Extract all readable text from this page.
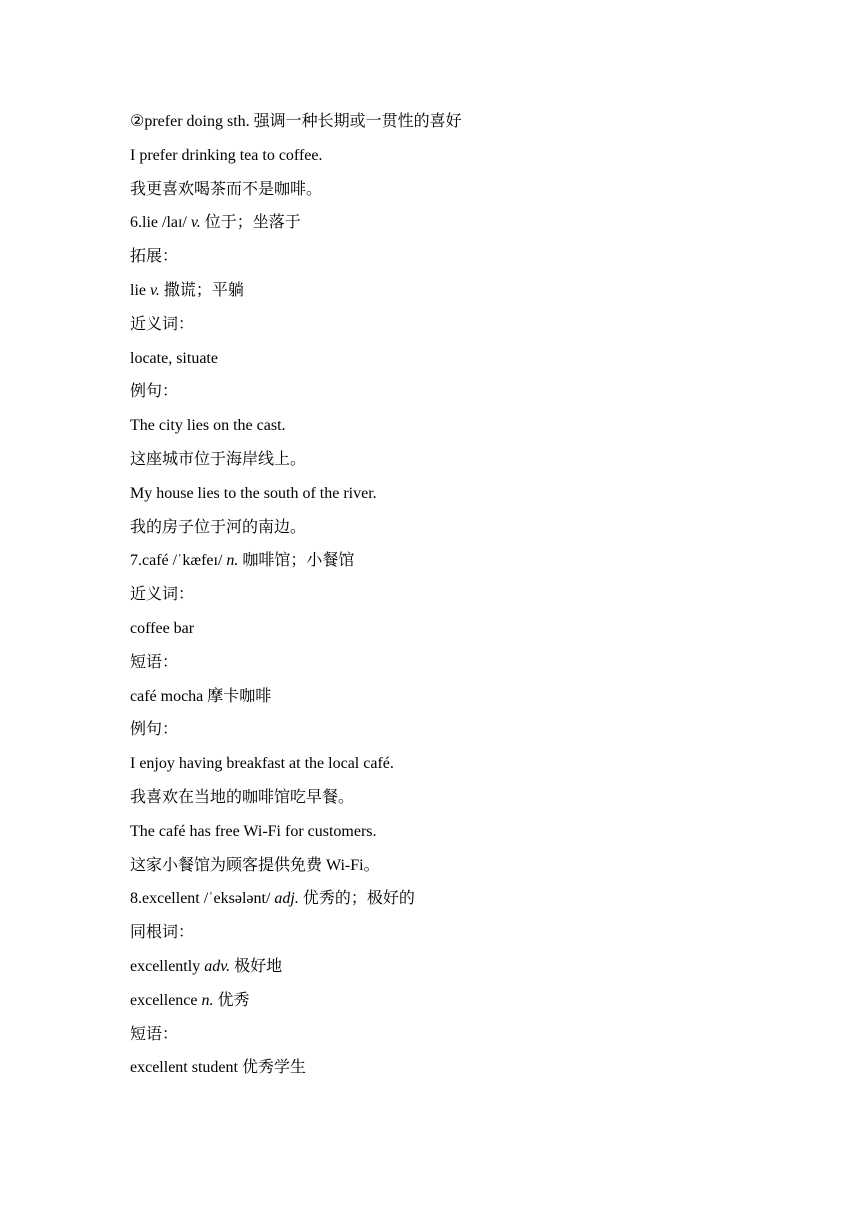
②prefer doing sth. 强调一种长期或一贯性的喜好
I prefer drinking tea to coffee.
我更喜欢喝茶而不是咖啡。
6.lie /laɪ/ v. 位于；坐落于
拓展：
lie v. 撒谎；平躺
近义词：
locate, situate
例句：
The city lies on the cast.
这座城市位于海岸线上。
My house lies to the south of the river.
我的房子位于河的南边。
7.café /ˈkæfeɪ/ n. 咖啡馆；小餐馆
近义词：
coffee bar
短语：
café mocha 摩卡咖啡
例句：
I enjoy having breakfast at the local café.
我喜欢在当地的咖啡馆吃早餐。
The café has free Wi-Fi for customers.
这家小餐馆为顾客提供免费 Wi-Fi。
8.excellent /ˈeksələnt/ adj. 优秀的；极好的
同根词：
excellently adv. 极好地
excellence n. 优秀
短语：
excellent student 优秀学生
